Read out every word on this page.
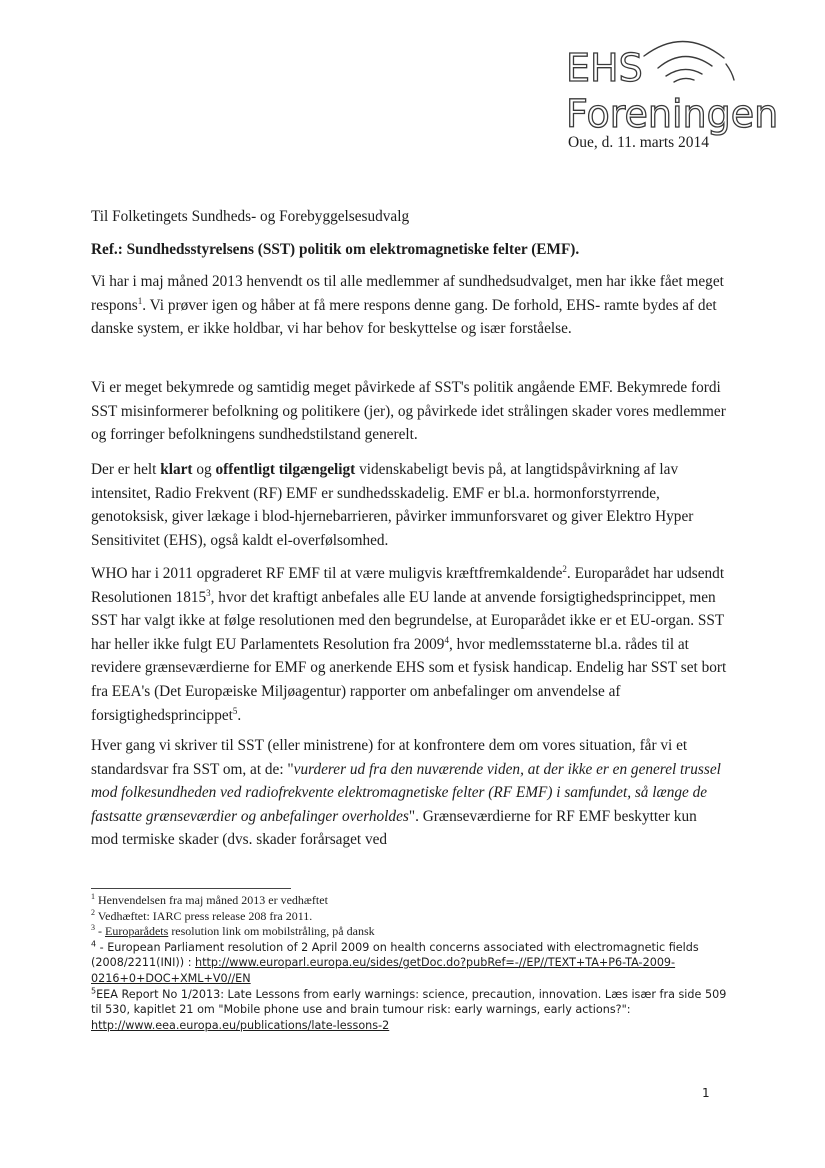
EHS
Foreningen
Oue, d. 11. marts 2014

Til Folketingets Sundheds- og Forebyggelsesudvalg

Ref.: Sundhedsstyrelsens (SST) politik om elektromagnetiske felter (EMF).

Vi har i maj måned 2013 henvendt os til alle medlemmer af sundhedsudvalget, men har ikke fået meget respons$^1$. Vi prøver igen og håber at få mere respons denne gang. De forhold, EHS- ramte bydes af det danske system, er ikke holdbar, vi har behov for beskyttelse og især forståelse.

Vi er meget bekymrede og samtidig meget påvirkede af SST's politik angående EMF. Bekymrede fordi SST misinformerer befolkning og politikere (jer), og påvirkede idet strålingen skader vores medlemmer og forringer befolkningens sundhedstilstand generelt.

Der er helt klart og offentligt tilgængeligt videnskabeligt bevis på, at langtidspåvirkning af lav intensitet, Radio Frekvent (RF) EMF er sundhedsskadelig. EMF er bl.a. hormonforstyrrende, genotoksisk, giver lækage i blod-hjernebarrieren, påvirker immunforsvaret og giver Elektro Hyper Sensitivitet (EHS), også kaldt el-overfølsomhed.

WHO har i 2011 opgraderet RF EMF til at være muligvis kræftfremkaldende$^2$. Europarådet har udsendt Resolutionen 1815$^3$, hvor det kraftigt anbefales alle EU lande at anvende forsigtighedsprincippet, men SST har valgt ikke at følge resolutionen med den begrundelse, at Europarådet ikke er et EU-organ. SST har heller ikke fulgt EU Parlamentets Resolution fra 2009$^4$, hvor medlemsstaterne bl.a. rådes til at revidere grænseværdierne for EMF og anerkende EHS som et fysisk handicap. Endelig har SST set bort fra EEA's (Det Europæiske Miljøagentur) rapporter om anbefalinger om anvendelse af forsigtighedsprincippet$^5$.

Hver gang vi skriver til SST (eller ministrene) for at konfrontere dem om vores situation, får vi et standardsvar fra SST om, at de: "vurderer ud fra den nuværende viden, at der ikke er en generel trussel mod folkesundheden ved radiofrekvente elektromagnetiske felter (RF EMF) i samfundet, så længe de fastsatte grænseværdier og anbefalinger overholdes". Grænseværdierne for RF EMF beskytter kun mod termiske skader (dvs. skader forårsaget ved

$^1$ Henvendelsen fra maj måned 2013 er vedhæftet

$^2$ Vedhæftet: IARC press release 208 fra 2011.

$^3$ - Europarådets resolution link om mobilstråling, på dansk

$^4$ - European Parliament resolution of 2 April 2009 on health concerns associated with electromagnetic fields (2008/2211(INI)) : http://www.europarl.europa.eu/sides/getDoc.do?pubRef=-//EP//TEXT+TA+P6-TA-2009-0216+0+DOC+XML+V0//EN

$^5$EEA Report No 1/2013: Late Lessons from early warnings: science, precaution, innovation. Læs især fra side 509 til 530, kapitlet 21 om "Mobile phone use and brain tumour risk: early warnings, early actions?":
http://www.eea.europa.eu/publications/late-lessons-2

1
